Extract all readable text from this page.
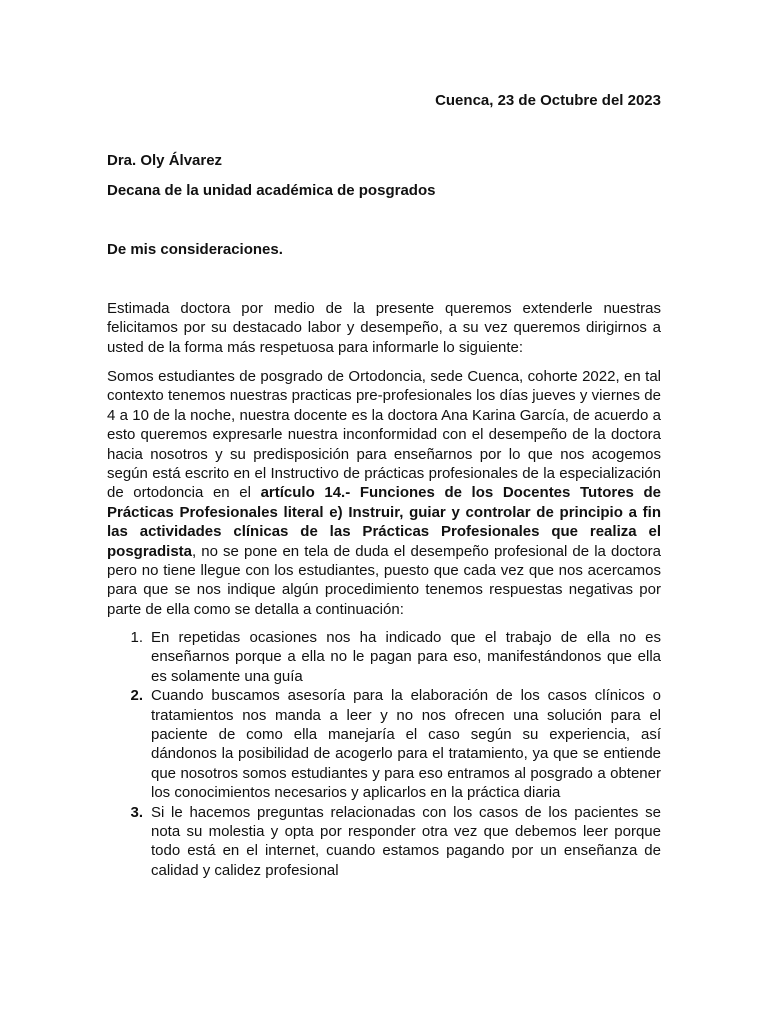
Cuenca, 23 de Octubre del 2023
Dra. Oly Álvarez
Decana de la unidad académica de posgrados
De mis consideraciones.

Estimada doctora por medio de la presente queremos extenderle nuestras felicitamos por su destacado labor y desempeño, a su vez queremos dirigirnos a usted de la forma más respetuosa para informarle lo siguiente:

Somos estudiantes de posgrado de Ortodoncia, sede Cuenca, cohorte 2022, en tal contexto tenemos nuestras practicas pre-profesionales los días jueves y viernes de 4 a 10 de la noche, nuestra docente es la doctora Ana Karina García, de acuerdo a esto queremos expresarle nuestra inconformidad con el desempeño de la doctora hacia nosotros y su predisposición para enseñarnos por lo que nos acogemos según está escrito en el Instructivo de prácticas profesionales de la especialización de ortodoncia en el artículo 14.- Funciones de los Docentes Tutores de Prácticas Profesionales literal e) Instruir, guiar y controlar de principio a fin las actividades clínicas de las Prácticas Profesionales que realiza el posgradista, no se pone en tela de duda el desempeño profesional de la doctora pero no tiene llegue con los estudiantes, puesto que cada vez que nos acercamos para que se nos indique algún procedimiento tenemos respuestas negativas por parte de ella como se detalla a continuación:

1. En repetidas ocasiones nos ha indicado que el trabajo de ella no es enseñarnos porque a ella no le pagan para eso, manifestándonos que ella es solamente una guía
2. Cuando buscamos asesoría para la elaboración de los casos clínicos o tratamientos nos manda a leer y no nos ofrecen una solución para el paciente de como ella manejaría el caso según su experiencia, así dándonos la posibilidad de acogerlo para el tratamiento, ya que se entiende que nosotros somos estudiantes y para eso entramos al posgrado a obtener los conocimientos necesarios y aplicarlos en la práctica diaria
3. Si le hacemos preguntas relacionadas con los casos de los pacientes se nota su molestia y opta por responder otra vez que debemos leer porque todo está en el internet, cuando estamos pagando por un enseñanza de calidad y calidez profesional
